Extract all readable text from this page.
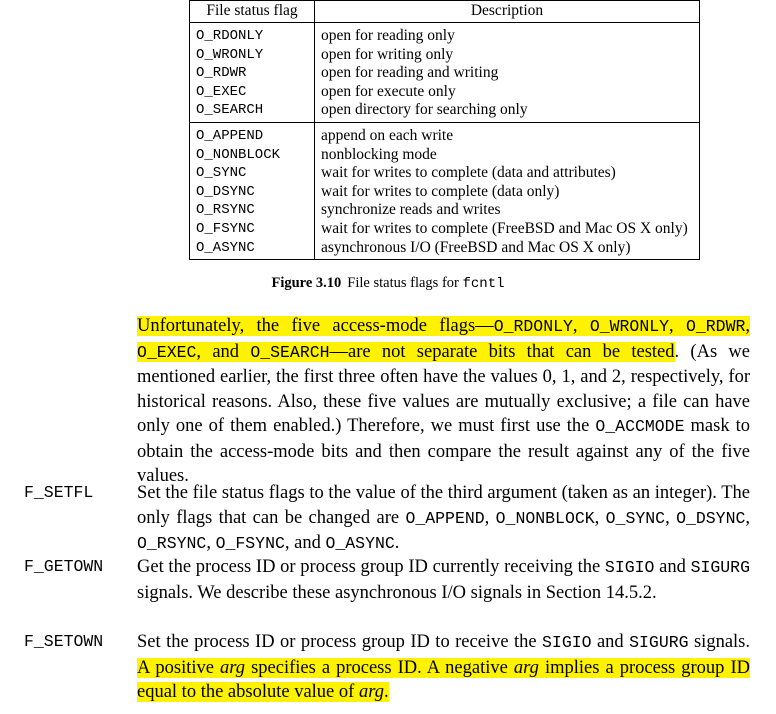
File status flag	Description
O_RDONLY	open for reading only
O_WRONLY	open for writing only
O_RDWR	open for reading and writing
O_EXEC	open for execute only
O_SEARCH	open directory for searching only
O_APPEND	append on each write
O_NONBLOCK	nonblocking mode
O_SYNC	wait for writes to complete (data and attributes)
O_DSYNC	wait for writes to complete (data only)
O_RSYNC	synchronize reads and writes
O_FSYNC	wait for writes to complete (FreeBSD and Mac OS X only)
O_ASYNC	asynchronous I/O (FreeBSD and Mac OS X only)
Figure 3.10 File status flags for fcntl
Unfortunately, the five access-mode flags—O_RDONLY, O_WRONLY, O_RDWR, O_EXEC, and O_SEARCH—are not separate bits that can be tested. (As we mentioned earlier, the first three often have the values 0, 1, and 2, respectively, for historical reasons. Also, these five values are mutually exclusive; a file can have only one of them enabled.) Therefore, we must first use the O_ACCMODE mask to obtain the access-mode bits and then compare the result against any of the five values.
F_SETFL Set the file status flags to the value of the third argument (taken as an integer). The only flags that can be changed are O_APPEND, O_NONBLOCK, O_SYNC, O_DSYNC, O_RSYNC, O_FSYNC, and O_ASYNC.
F_GETOWN Get the process ID or process group ID currently receiving the SIGIO and SIGURG signals. We describe these asynchronous I/O signals in Section 14.5.2.
F_SETOWN Set the process ID or process group ID to receive the SIGIO and SIGURG signals. A positive arg specifies a process ID. A negative arg implies a process group ID equal to the absolute value of arg.
